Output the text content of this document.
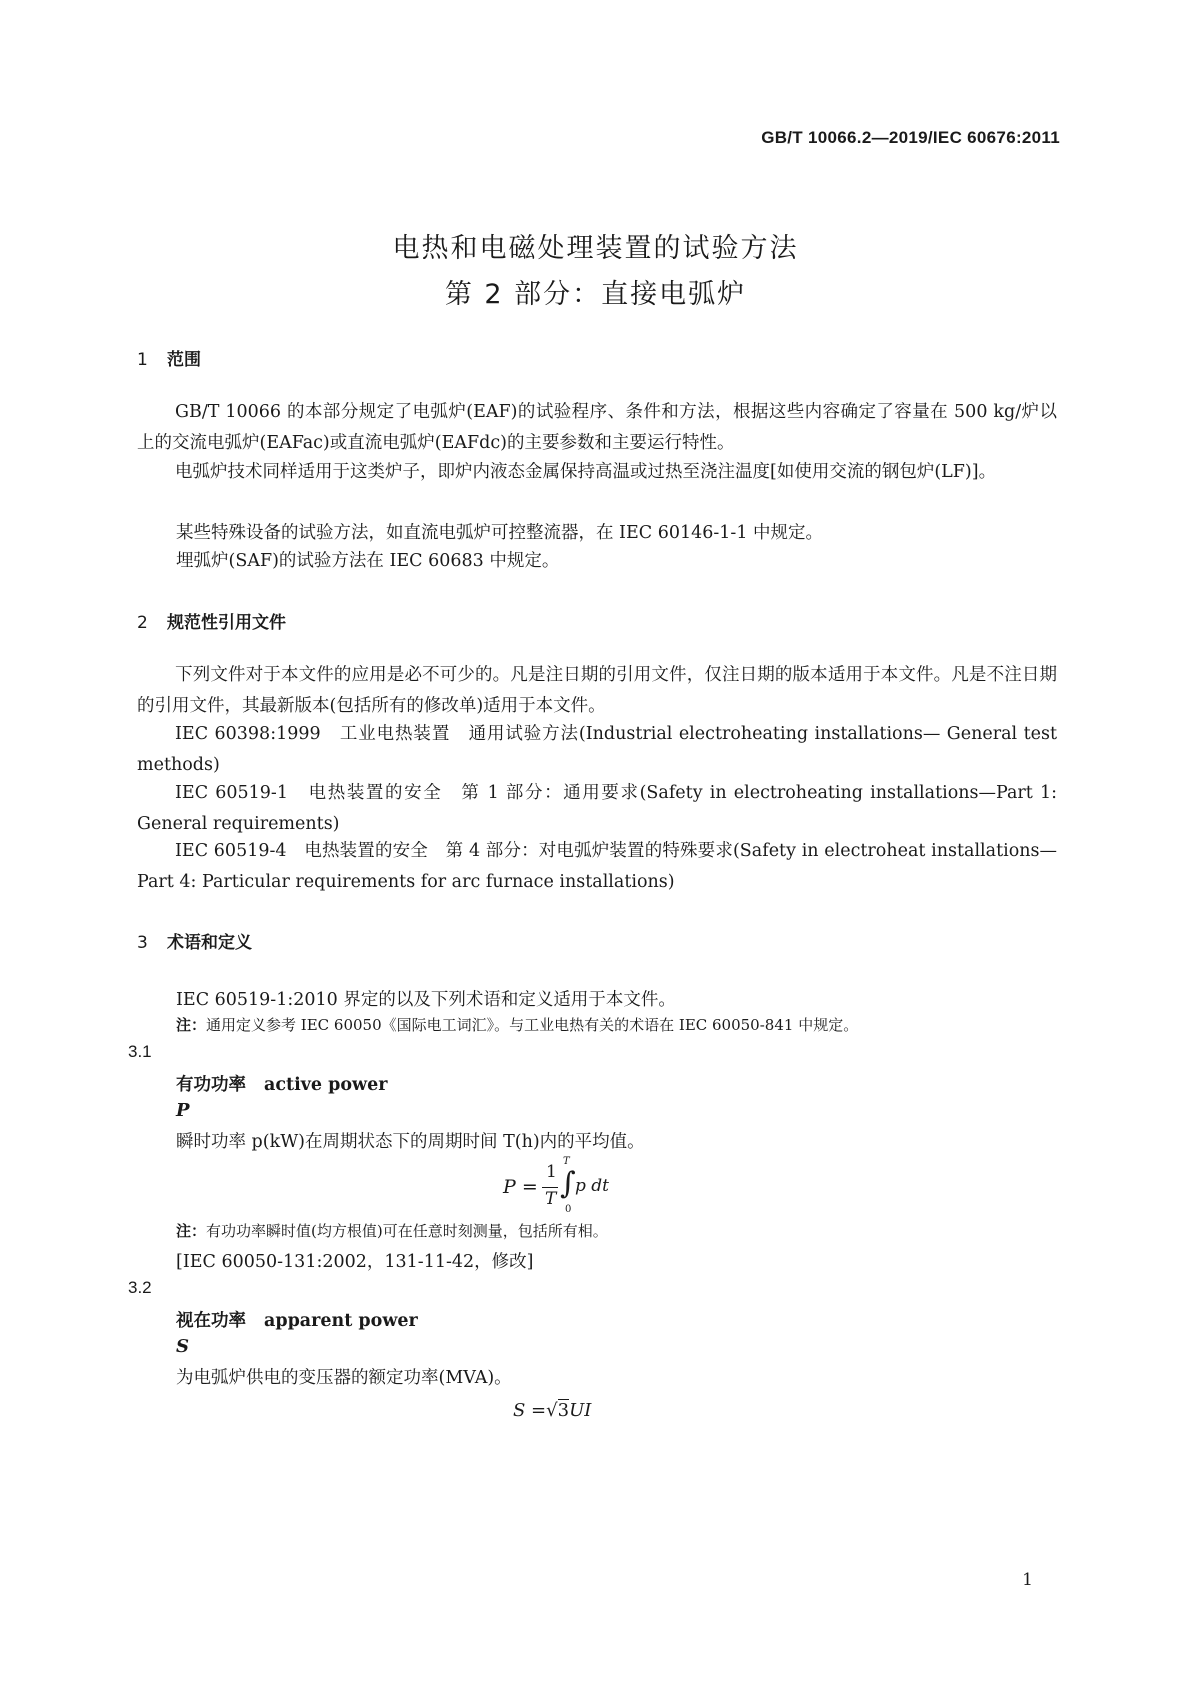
GB/T 10066.2—2019/IEC 60676:2011
电热和电磁处理装置的试验方法
第 2 部分：直接电弧炉
1 范围

GB/T 10066 的本部分规定了电弧炉(EAF)的试验程序、条件和方法，根据这些内容确定了容量在 500 kg/炉以上的交流电弧炉(EAFac)或直流电弧炉(EAFdc)的主要参数和主要运行特性。

电弧炉技术同样适用于这类炉子，即炉内液态金属保持高温或过热至浇注温度[如使用交流的钢包炉(LF)]。

某些特殊设备的试验方法，如直流电弧炉可控整流器，在 IEC 60146-1-1 中规定。
埋弧炉(SAF)的试验方法在 IEC 60683 中规定。
2 规范性引用文件

下列文件对于本文件的应用是必不可少的。凡是注日期的引用文件，仅注日期的版本适用于本文件。凡是不注日期的引用文件，其最新版本(包括所有的修改单)适用于本文件。

IEC 60398:1999　工业电热装置　通用试验方法(Industrial electroheating installations— General test methods)

IEC 60519-1　电热装置的安全　第 1 部分：通用要求(Safety in electroheating installations—Part 1: General requirements)

IEC 60519-4　电热装置的安全　第 4 部分：对电弧炉装置的特殊要求(Safety in electroheat installations—Part 4: Particular requirements for arc furnace installations)

3 术语和定义
IEC 60519-1:2010 界定的以及下列术语和定义适用于本文件。
注：通用定义参考 IEC 60050《国际电工词汇》。与工业电热有关的术语在 IEC 60050-841 中规定。
3.1
有功功率 active power
P
瞬时功率 p(kW)在周期状态下的周期时间 T(h)内的平均值。
P =
1
T
T
∫
0
p dt
注：有功功率瞬时值(均方根值)可在任意时刻测量，包括所有相。
[IEC 60050-131:2002，131-11-42，修改]
3.2
视在功率 apparent power
S
为电弧炉供电的变压器的额定功率(MVA)。
S =√3UI
1
